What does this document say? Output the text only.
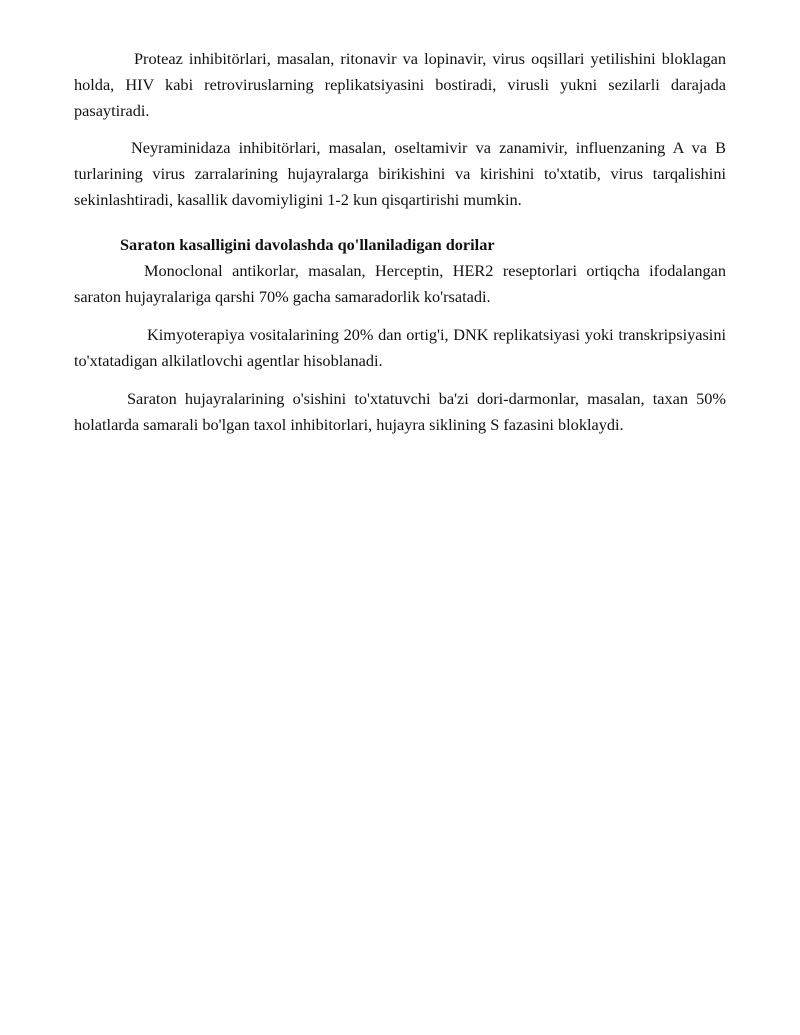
Proteaz inhibitörlari, masalan, ritonavir va lopinavir, virus oqsillari yetilishini bloklagan holda, HIV kabi retroviruslarning replikatsiyasini bostiradi, virusli yukni sezilarli darajada pasaytiradi.

Neyraminidaza inhibitörlari, masalan, oseltamivir va zanamivir, influenzaning A va B turlarining virus zarralarining hujayralarga birikishini va kirishini to'xtatib, virus tarqalishini sekinlashtiradi, kasallik davomiyligini 1-2 kun qisqartirishi mumkin.

Saraton kasalligini davolashda qo'llaniladigan dorilar

Monoclonal antikorlar, masalan, Herceptin, HER2 reseptorlari ortiqcha ifodalangan saraton hujayralariga qarshi 70% gacha samaradorlik ko'rsatadi.

Kimyoterapiya vositalarining 20% dan ortig'i, DNK replikatsiyasi yoki transkripsiyasini to'xtatadigan alkilatlovchi agentlar hisoblanadi.

Saraton hujayralarining o'sishini to'xtatuvchi ba'zi dori-darmonlar, masalan, taxan 50% holatlarda samarali bo'lgan taxol inhibitorlari, hujayra siklining S fazasini bloklaydi.
